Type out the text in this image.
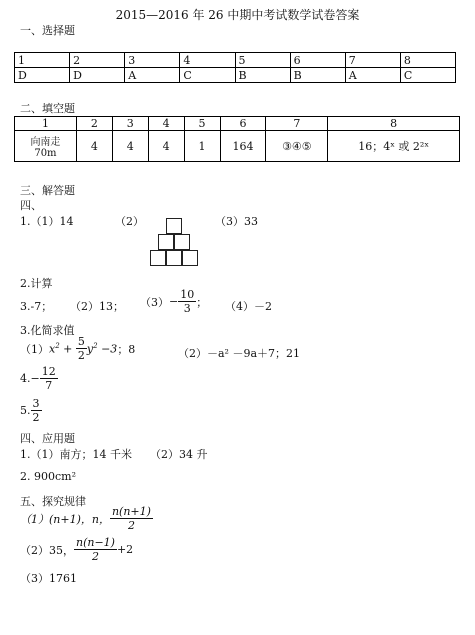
2015—2016 年 26 中期中考试数学试卷答案
一、选择题
1	2	3	4	5	6	7	8
D	D	A	C	B	B	A	C
二、填空题
1	2	3	4	5	6	7	8
向南走 70m	4	4	4	1	164	③④⑤	16；4ˣ 或 2²ˣ
三、解答题
四、
1.（1）14	（2）	（3）33
2.计算
3.-7； （2）13； $(3) - \frac{10}{3}$ ； （4）－2
3.化简求值
（1） $x^2 + \frac{5}{2} y^2 -3$ ；8	（2）－a² －9a＋7；21
4. − $\frac{12}{7}$
5. $\frac{3}{2}$
四、应用题
1.（1）南方；14 千米 （2）34 升
2. 900cm²
五、探究规律
（1）(n+1)，n， $\frac{n(n+1)}{2}$
（2）35， $\frac{n(n-1)}{2} +2$
（3）1761
